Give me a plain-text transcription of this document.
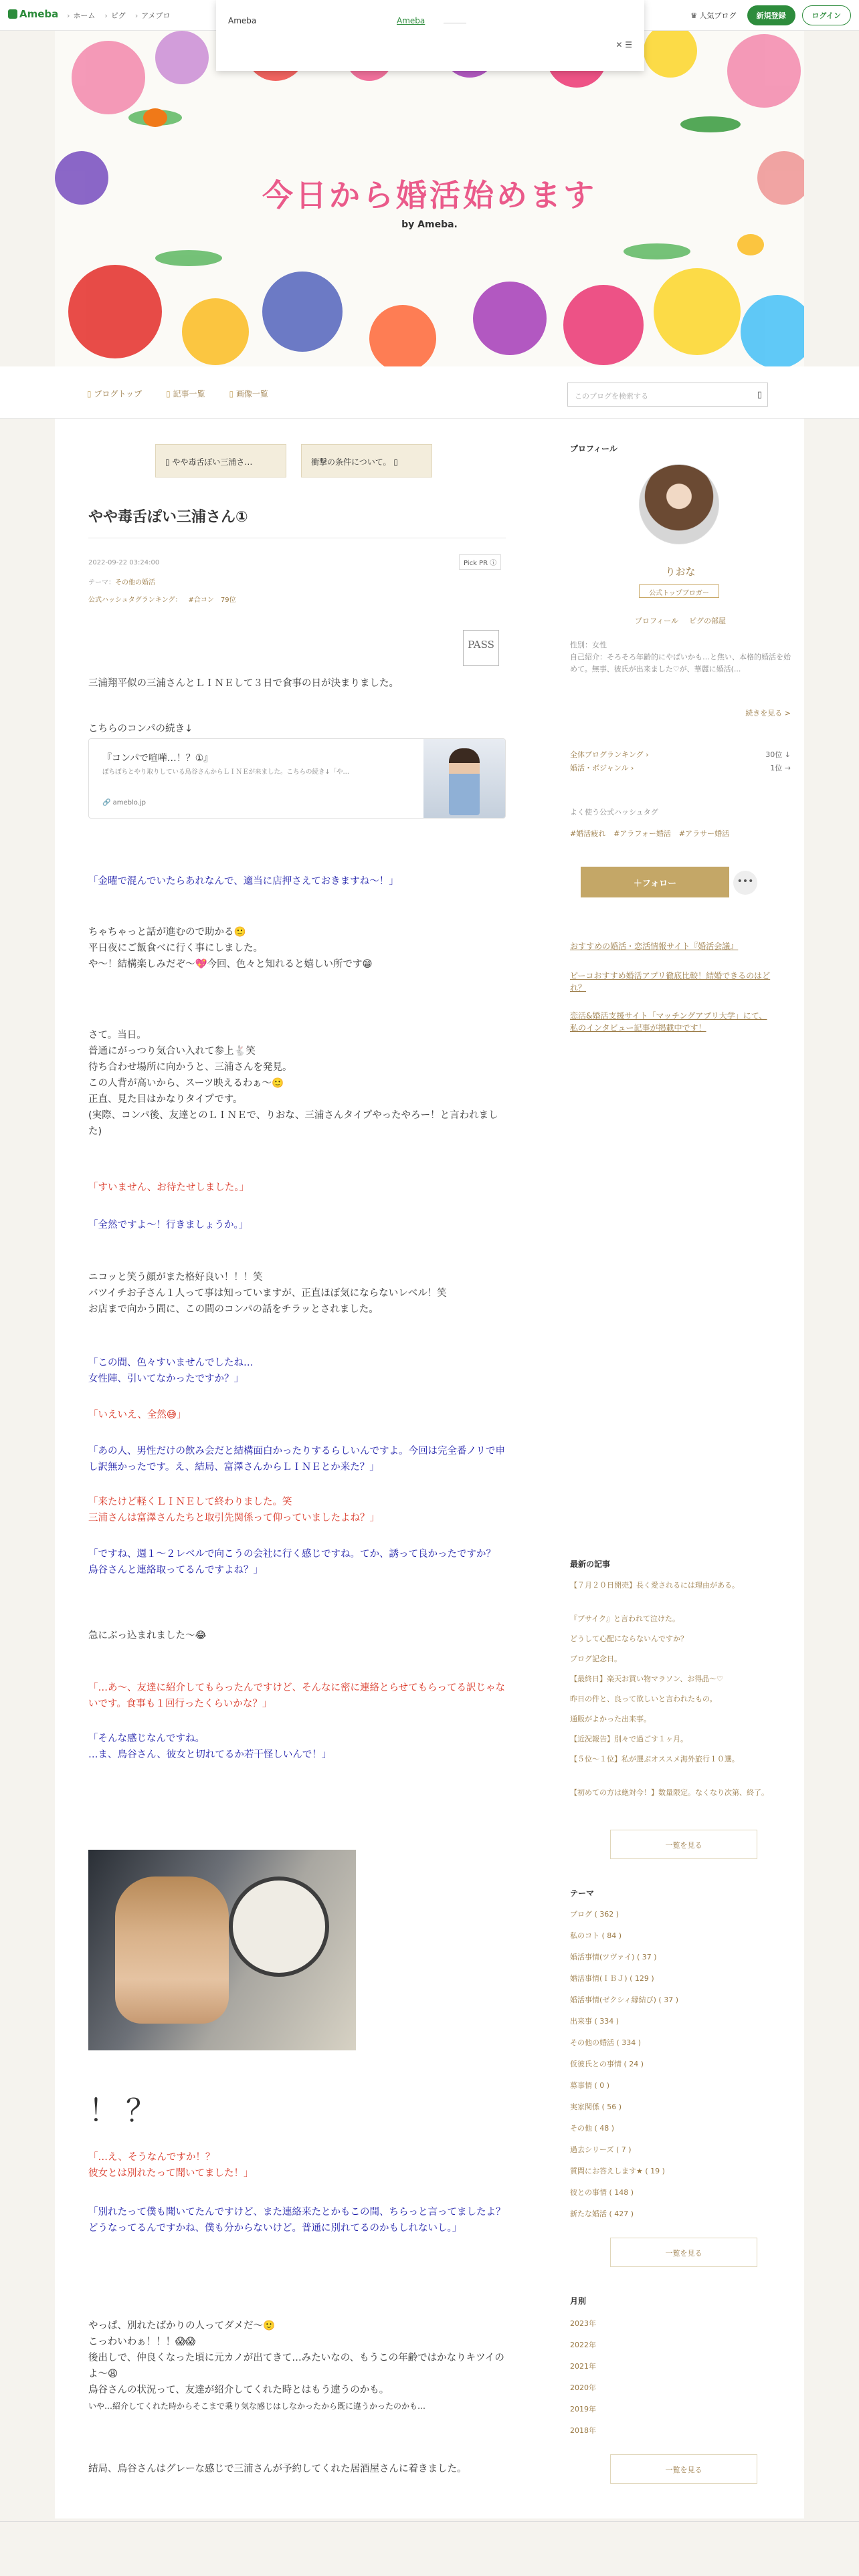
Ameba	› ホーム	› ピグ	› アメブロ	♛ 人気ブログ	新規登録	ログイン
今日から婚活始めます
by Ameba.
Ameba	Ameba
✕ ☰
▯ ブログトップ	▯ 記事一覧	▯ 画像一覧	このブログを検索する	▯
▯ やや毒舌ぽい三浦さ…	衝撃の条件について。 ▯
やや毒舌ぽい三浦さん①
2022-09-22 03:24:00	Pick PR ⓘ
テーマ：その他の婚活
公式ハッシュタグランキング： #合コン 79位
PASS
三浦翔平似の三浦さんとＬＩＮＥして３日で食事の日が決まりました。
こちらのコンパの続き↓
『コンパで喧嘩…！？①』
ぼちぼちとやり取りしている鳥谷さんからＬＩＮＥが来ました。こちらの続き↓「や…
🔗 ameblo.jp
「金曜で混んでいたらあれなんで、適当に店押さえておきますね〜！」
ちゃちゃっと話が進むので助かる🙂
平日夜にご飯食べに行く事にしました。
や〜！結構楽しみだぞ〜💖今回、色々と知れると嬉しい所です😁
さて。当日。
普通にがっつり気合い入れて参上🐇笑
待ち合わせ場所に向かうと、三浦さんを発見。
この人背が高いから、スーツ映えるわぁ〜🙂
正直、見た目はかなりタイプです。
(実際、コンパ後、友達とのＬＩＮＥで、りおな、三浦さんタイプやったやろー！と言われました)
「すいません、お待たせしました。」
「全然ですよ〜！行きましょうか。」
ニコッと笑う顔がまた格好良い！！！笑
バツイチお子さん１人って事は知っていますが、正直ほぼ気にならないレベル！笑
お店まで向かう間に、この間のコンパの話をチラッとされました。
「この間、色々すいませんでしたね…
女性陣、引いてなかったですか？」
「いえいえ、全然😅」
「あの人、男性だけの飲み会だと結構面白かったりするらしいんですよ。今回は完全番ノリで申し訳無かったです。え、結局、富澤さんからＬＩＮＥとか来た？」
「来たけど軽くＬＩＮＥして終わりました。笑
三浦さんは富澤さんたちと取引先関係って仰っていましたよね？」
「ですね、週１〜２レベルで向こうの会社に行く感じですね。てか、誘って良かったですか？
鳥谷さんと連絡取ってるんですよね？」
急にぶっ込まれました〜😂
「…あ〜、友達に紹介してもらったんですけど、そんなに密に連絡とらせてもらってる訳じゃないです。食事も１回行ったくらいかな？」
「そんな感じなんですね。
…ま、鳥谷さん、彼女と切れてるか若干怪しいんで！」
！？
「…え、そうなんですか！？
彼女とは別れたって聞いてました！」
「別れたって僕も聞いてたんですけど、また連絡来たとかもこの間、ちらっと言ってましたよ？
どうなってるんですかね、僕も分からないけど。普通に別れてるのかもしれないし。」
やっぱ、別れたばかりの人ってダメだ〜🙂
こっわいわぁ！！！😱😱
後出しで、仲良くなった頃に元カノが出てきて…みたいなの、もうこの年齢ではかなりキツイのよ〜😩
鳥谷さんの状況って、友達が紹介してくれた時とはもう違うのかも。
いや…紹介してくれた時からそこまで乗り気な感じはしなかったから既に違うかったのかも…
結局、鳥谷さんはグレーな感じで三浦さんが予約してくれた居酒屋さんに着きました。
プロフィール
りおな
公式トップブロガー
プロフィール ピグの部屋
性別：女性
自己紹介：そろそろ年齢的にやばいかも…と焦い、本格的婚活を始めて。無事、彼氏が出来ました♡が、華麗に婚活(...
続きを見る >
全体ブログランキング ›	30位 ↓
婚活・ボジャンル ›	1位 →
よく使う公式ハッシュタグ
#婚活疲れ #アラフォー婚活 #アラサー婚活
＋フォロー	•••
おすすめの婚活・恋活情報サイト『婚活会議』
ピーコおすすめ婚活アプリ徹底比較！結婚できるのはどれ？
恋活&婚活支援サイト「マッチングアプリ大学」にて、私のインタビュー記事が掲載中です！
最新の記事
【７月２０日開売】長く愛されるには理由がある。
『ブサイク』と言われて泣けた。
どうして心配にならないんですか？
ブログ記念日。
【最終日】楽天お買い物マラソン、お得品〜♡
昨日の件と、良って欲しいと言われたもの。
通販がよかった出来事。
【近況報告】別々で過ごす１ヶ月。
【５位〜１位】私が選ぶオススメ海外旅行１０選。
【初めての方は絶対今！】数量限定。なくなり次第、終了。
一覧を見る
テーマ
ブログ ( 362 )
私のコト ( 84 )
婚活事情(ツヴァイ) ( 37 )
婚活事情(ＩＢＪ) ( 129 )
婚活事情(ゼクシィ縁結び) ( 37 )
出来事 ( 334 )
その他の婚活 ( 334 )
仮彼氏との事情 ( 24 )
募事情 ( 0 )
実家関係 ( 56 )
その他 ( 48 )
過去シリーズ ( 7 )
質問にお答えします★ ( 19 )
彼との事情 ( 148 )
新たな婚活 ( 427 )
一覧を見る
月別
2023年
2022年
2021年
2020年
2019年
2018年
一覧を見る
